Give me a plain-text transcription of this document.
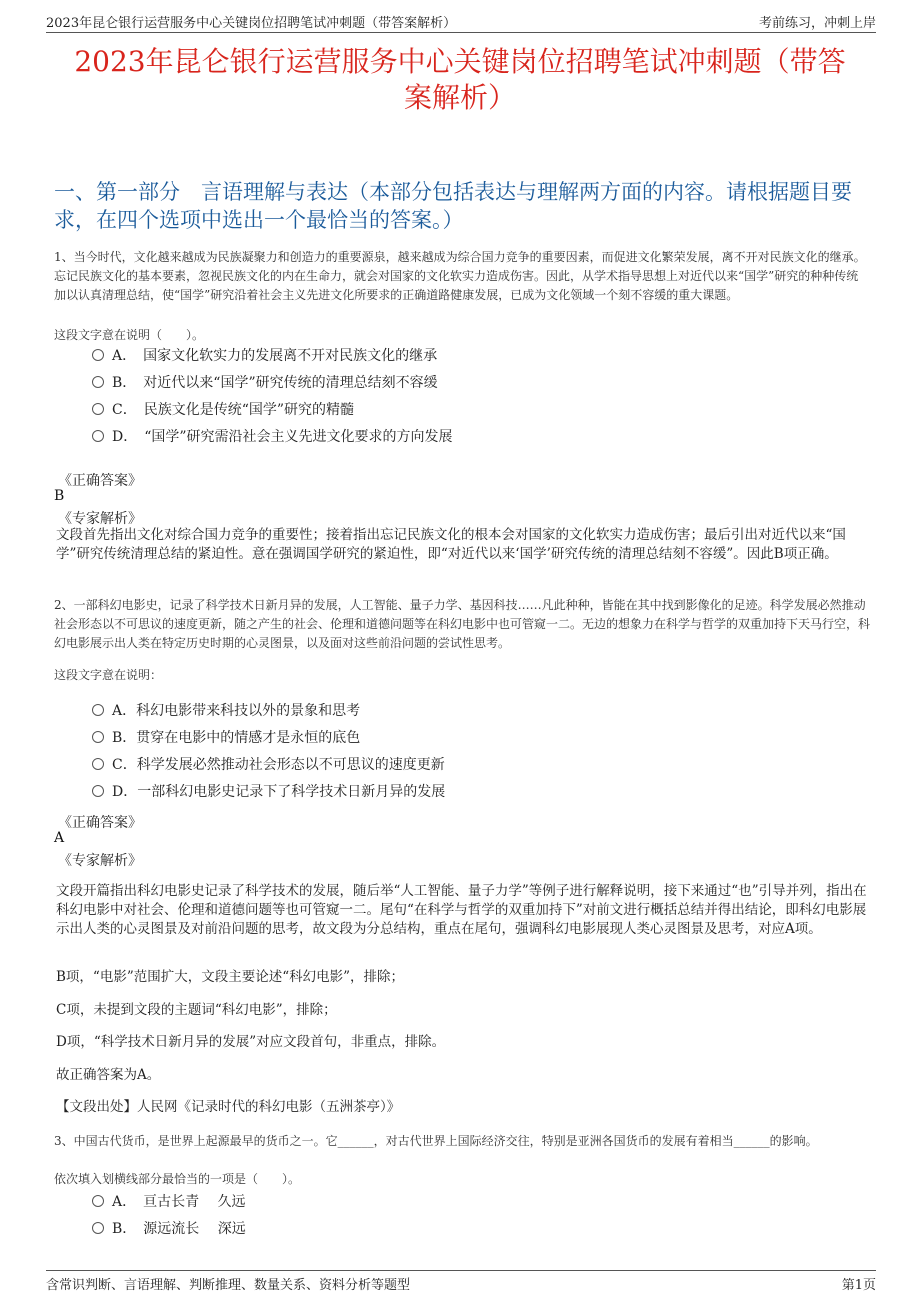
2023年昆仑银行运营服务中心关键岗位招聘笔试冲刺题（带答案解析）	考前练习，冲刺上岸
2023年昆仑银行运营服务中心关键岗位招聘笔试冲刺题（带答
案解析）
一、第一部分　言语理解与表达（本部分包括表达与理解两方面的内容。请根据题目要求，在四个选项中选出一个最恰当的答案。）
1、当今时代，文化越来越成为民族凝聚力和创造力的重要源泉，越来越成为综合国力竞争的重要因素，而促进文化繁荣发展，离不开对民族文化的继承。忘记民族文化的基本要素，忽视民族文化的内在生命力，就会对国家的文化软实力造成伤害。因此，从学术指导思想上对近代以来“国学”研究的种种传统加以认真清理总结，使“国学”研究沿着社会主义先进文化所要求的正确道路健康发展，已成为文化领域一个刻不容缓的重大课题。
这段文字意在说明（　　）。
A．　国家文化软实力的发展离不开对民族文化的继承
B．　对近代以来“国学”研究传统的清理总结刻不容缓
C．　民族文化是传统“国学”研究的精髓
D．　“国学”研究需沿社会主义先进文化要求的方向发展
《正确答案》
B
《专家解析》
文段首先指出文化对综合国力竞争的重要性；接着指出忘记民族文化的根本会对国家的文化软实力造成伤害；最后引出对近代以来“国学”研究传统清理总结的紧迫性。意在强调国学研究的紧迫性，即“对近代以来‘国学’研究传统的清理总结刻不容缓”。因此B项正确。
2、一部科幻电影史，记录了科学技术日新月异的发展，人工智能、量子力学、基因科技……凡此种种，皆能在其中找到影像化的足迹。科学发展必然推动社会形态以不可思议的速度更新，随之产生的社会、伦理和道德问题等在科幻电影中也可管窥一二。无边的想象力在科学与哲学的双重加持下天马行空，科幻电影展示出人类在特定历史时期的心灵图景，以及面对这些前沿问题的尝试性思考。
这段文字意在说明：
A．科幻电影带来科技以外的景象和思考
B．贯穿在电影中的情感才是永恒的底色
C．科学发展必然推动社会形态以不可思议的速度更新
D．一部科幻电影史记录下了科学技术日新月异的发展
《正确答案》
A
《专家解析》
文段开篇指出科幻电影史记录了科学技术的发展，随后举“人工智能、量子力学”等例子进行解释说明，接下来通过“也”引导并列，指出在科幻电影中对社会、伦理和道德问题等也可管窥一二。尾句“在科学与哲学的双重加持下”对前文进行概括总结并得出结论，即科幻电影展示出人类的心灵图景及对前沿问题的思考，故文段为分总结构，重点在尾句，强调科幻电影展现人类心灵图景及思考，对应A项。
B项，“电影”范围扩大，文段主要论述“科幻电影”，排除；
C项，未提到文段的主题词“科幻电影”，排除；
D项，“科学技术日新月异的发展”对应文段首句，非重点，排除。
故正确答案为A。
【文段出处】人民网《记录时代的科幻电影（五洲茶亭）》
3、中国古代货币，是世界上起源最早的货币之一。它______，对古代世界上国际经济交往，特别是亚洲各国货币的发展有着相当______的影响。
依次填入划横线部分最恰当的一项是（　　）。
A．　亘古长青　 久远
B．　源远流长　 深远
含常识判断、言语理解、判断推理、数量关系、资料分析等题型	第1页
